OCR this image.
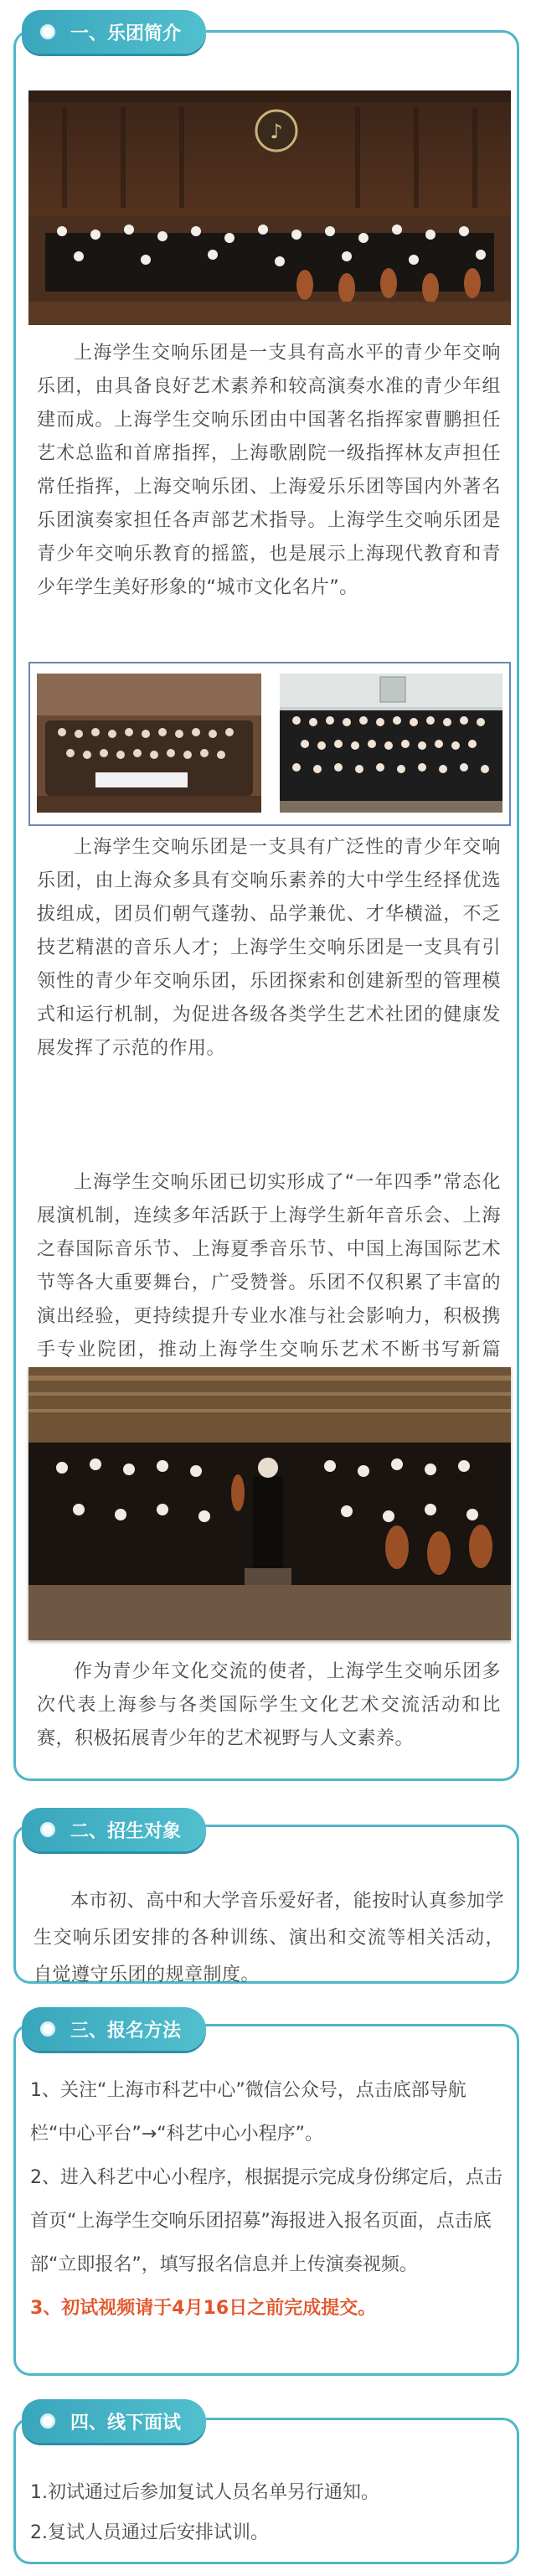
一、乐团简介
♪
上海学生交响乐团是一支具有高水平的青少年交响乐团，由具备良好艺术素养和较高演奏水准的青少年组建而成。上海学生交响乐团由中国著名指挥家曹鹏担任艺术总监和首席指挥，上海歌剧院一级指挥林友声担任常任指挥，上海交响乐团、上海爱乐乐团等国内外著名乐团演奏家担任各声部艺术指导。上海学生交响乐团是青少年交响乐教育的摇篮，也是展示上海现代教育和青少年学生美好形象的“城市文化名片”。
上海学生交响乐团是一支具有广泛性的青少年交响乐团，由上海众多具有交响乐素养的大中学生经择优选拔组成，团员们朝气蓬勃、品学兼优、才华横溢，不乏技艺精湛的音乐人才；上海学生交响乐团是一支具有引领性的青少年交响乐团，乐团探索和创建新型的管理模式和运行机制，为促进各级各类学生艺术社团的健康发展发挥了示范的作用。
上海学生交响乐团已切实形成了“一年四季”常态化展演机制，连续多年活跃于上海学生新年音乐会、上海之春国际音乐节、上海夏季音乐节、中国上海国际艺术节等各大重要舞台，广受赞誉。乐团不仅积累了丰富的演出经验，更持续提升专业水准与社会影响力，积极携手专业院团，推动上海学生交响乐艺术不断书写新篇
作为青少年文化交流的使者，上海学生交响乐团多次代表上海参与各类国际学生文化艺术交流活动和比赛，积极拓展青少年的艺术视野与人文素养。
二、招生对象
本市初、高中和大学音乐爱好者，能按时认真参加学生交响乐团安排的各种训练、演出和交流等相关活动，自觉遵守乐团的规章制度。
三、报名方法
1、关注“上海市科艺中心”微信公众号，点击底部导航栏“中心平台”→“科艺中心小程序”。
2、进入科艺中心小程序，根据提示完成身份绑定后，点击首页“上海学生交响乐团招募”海报进入报名页面，点击底部“立即报名”，填写报名信息并上传演奏视频。
3、初试视频请于4月16日之前完成提交。
四、线下面试
1.初试通过后参加复试人员名单另行通知。
2.复试人员通过后安排试训。
